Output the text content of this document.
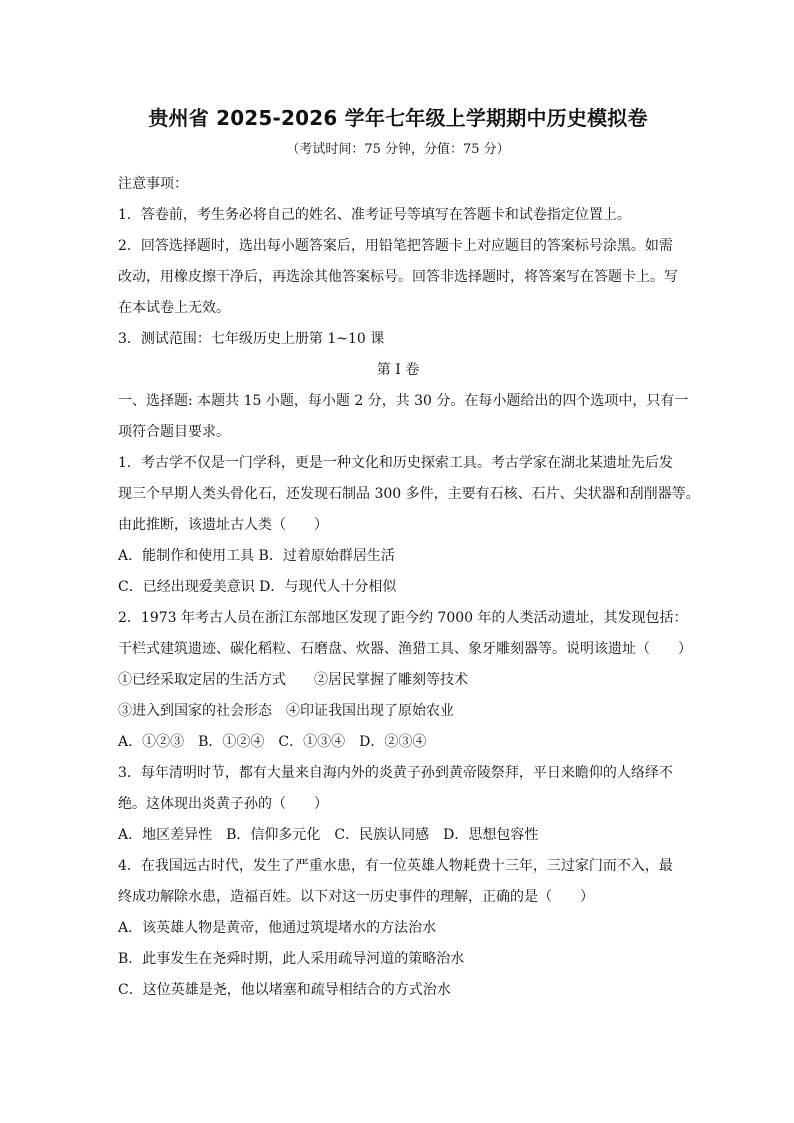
贵州省 2025-2026 学年七年级上学期期中历史模拟卷

（考试时间：75 分钟，分值：75 分）

注意事项：

1．答卷前，考生务必将自己的姓名、准考证号等填写在答题卡和试卷指定位置上。

2．回答选择题时，选出每小题答案后，用铅笔把答题卡上对应题目的答案标号涂黑。如需

改动，用橡皮擦干净后，再选涂其他答案标号。回答非选择题时，将答案写在答题卡上。写

在本试卷上无效。

3．测试范围：七年级历史上册第 1~10 课

第 I 卷

一、选择题: 本题共 15 小题，每小题 2 分，共 30 分。在每小题给出的四个选项中，只有一

项符合题目要求。

1．考古学不仅是一门学科，更是一种文化和历史探索工具。考古学家在湖北某遗址先后发

现三个早期人类头骨化石，还发现石制品 300 多件，主要有石核、石片、尖状器和刮削器等。

由此推断，该遗址古人类（　　）

A．能制作和使用工具 B．过着原始群居生活

C．已经出现爱美意识 D．与现代人十分相似

2．1973 年考古人员在浙江东部地区发现了距今约 7000 年的人类活动遗址，其发现包括：

干栏式建筑遗迹、碳化稻粒、石磨盘、炊器、渔猎工具、象牙雕刻器等。说明该遗址（　　）

①已经采取定居的生活方式　　②居民掌握了雕刻等技术

③进入到国家的社会形态　④印证我国出现了原始农业

A．①②③　B．①②④　C．①③④　D．②③④

3．每年清明时节，都有大量来自海内外的炎黄子孙到黄帝陵祭拜，平日来瞻仰的人络绎不

绝。这体现出炎黄子孙的（　　）

A．地区差异性　B．信仰多元化　C．民族认同感　D．思想包容性

4．在我国远古时代，发生了严重水患，有一位英雄人物耗费十三年，三过家门而不入，最

终成功解除水患，造福百姓。以下对这一历史事件的理解，正确的是（　　）

A．该英雄人物是黄帝，他通过筑堤堵水的方法治水

B．此事发生在尧舜时期，此人采用疏导河道的策略治水

C．这位英雄是尧，他以堵塞和疏导相结合的方式治水
